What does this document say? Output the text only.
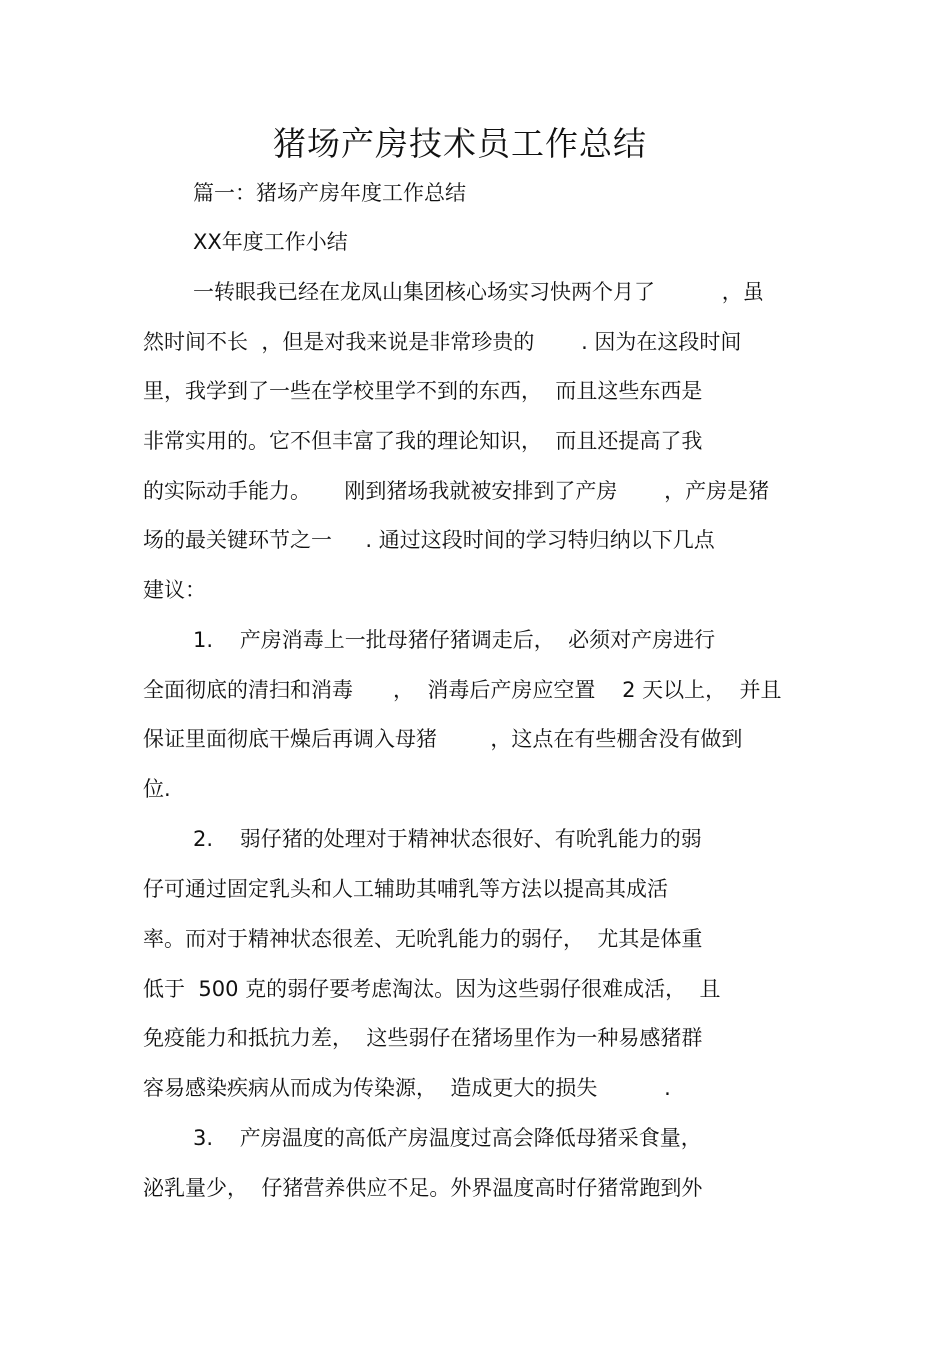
猪场产房技术员工作总结
篇一：猪场产房年度工作总结
XX年度工作小结
一转眼我已经在龙凤山集团核心场实习快两个月了          ，虽
然时间不长  ，但是对我来说是非常珍贵的       . 因为在这段时间
里，我学到了一些在学校里学不到的东西，  而且这些东西是
非常实用的。它不但丰富了我的理论知识，  而且还提高了我
的实际动手能力。     刚到猪场我就被安排到了产房       ，产房是猪
场的最关键环节之一     . 通过这段时间的学习特归纳以下几点
建议：
1.    产房消毒上一批母猪仔猪调走后，  必须对产房进行
全面彻底的清扫和消毒      ，  消毒后产房应空置    2 天以上，  并且
保证里面彻底干燥后再调入母猪        ，这点在有些棚舍没有做到
位.
2.    弱仔猪的处理对于精神状态很好、有吮乳能力的弱
仔可通过固定乳头和人工辅助其哺乳等方法以提高其成活
率。而对于精神状态很差、无吮乳能力的弱仔，  尤其是体重
低于  500 克的弱仔要考虑淘汰。因为这些弱仔很难成活，  且
免疫能力和抵抗力差，  这些弱仔在猪场里作为一种易感猪群
容易感染疾病从而成为传染源，  造成更大的损失          .
3.    产房温度的高低产房温度过高会降低母猪采食量，
泌乳量少，  仔猪营养供应不足。外界温度高时仔猪常跑到外
